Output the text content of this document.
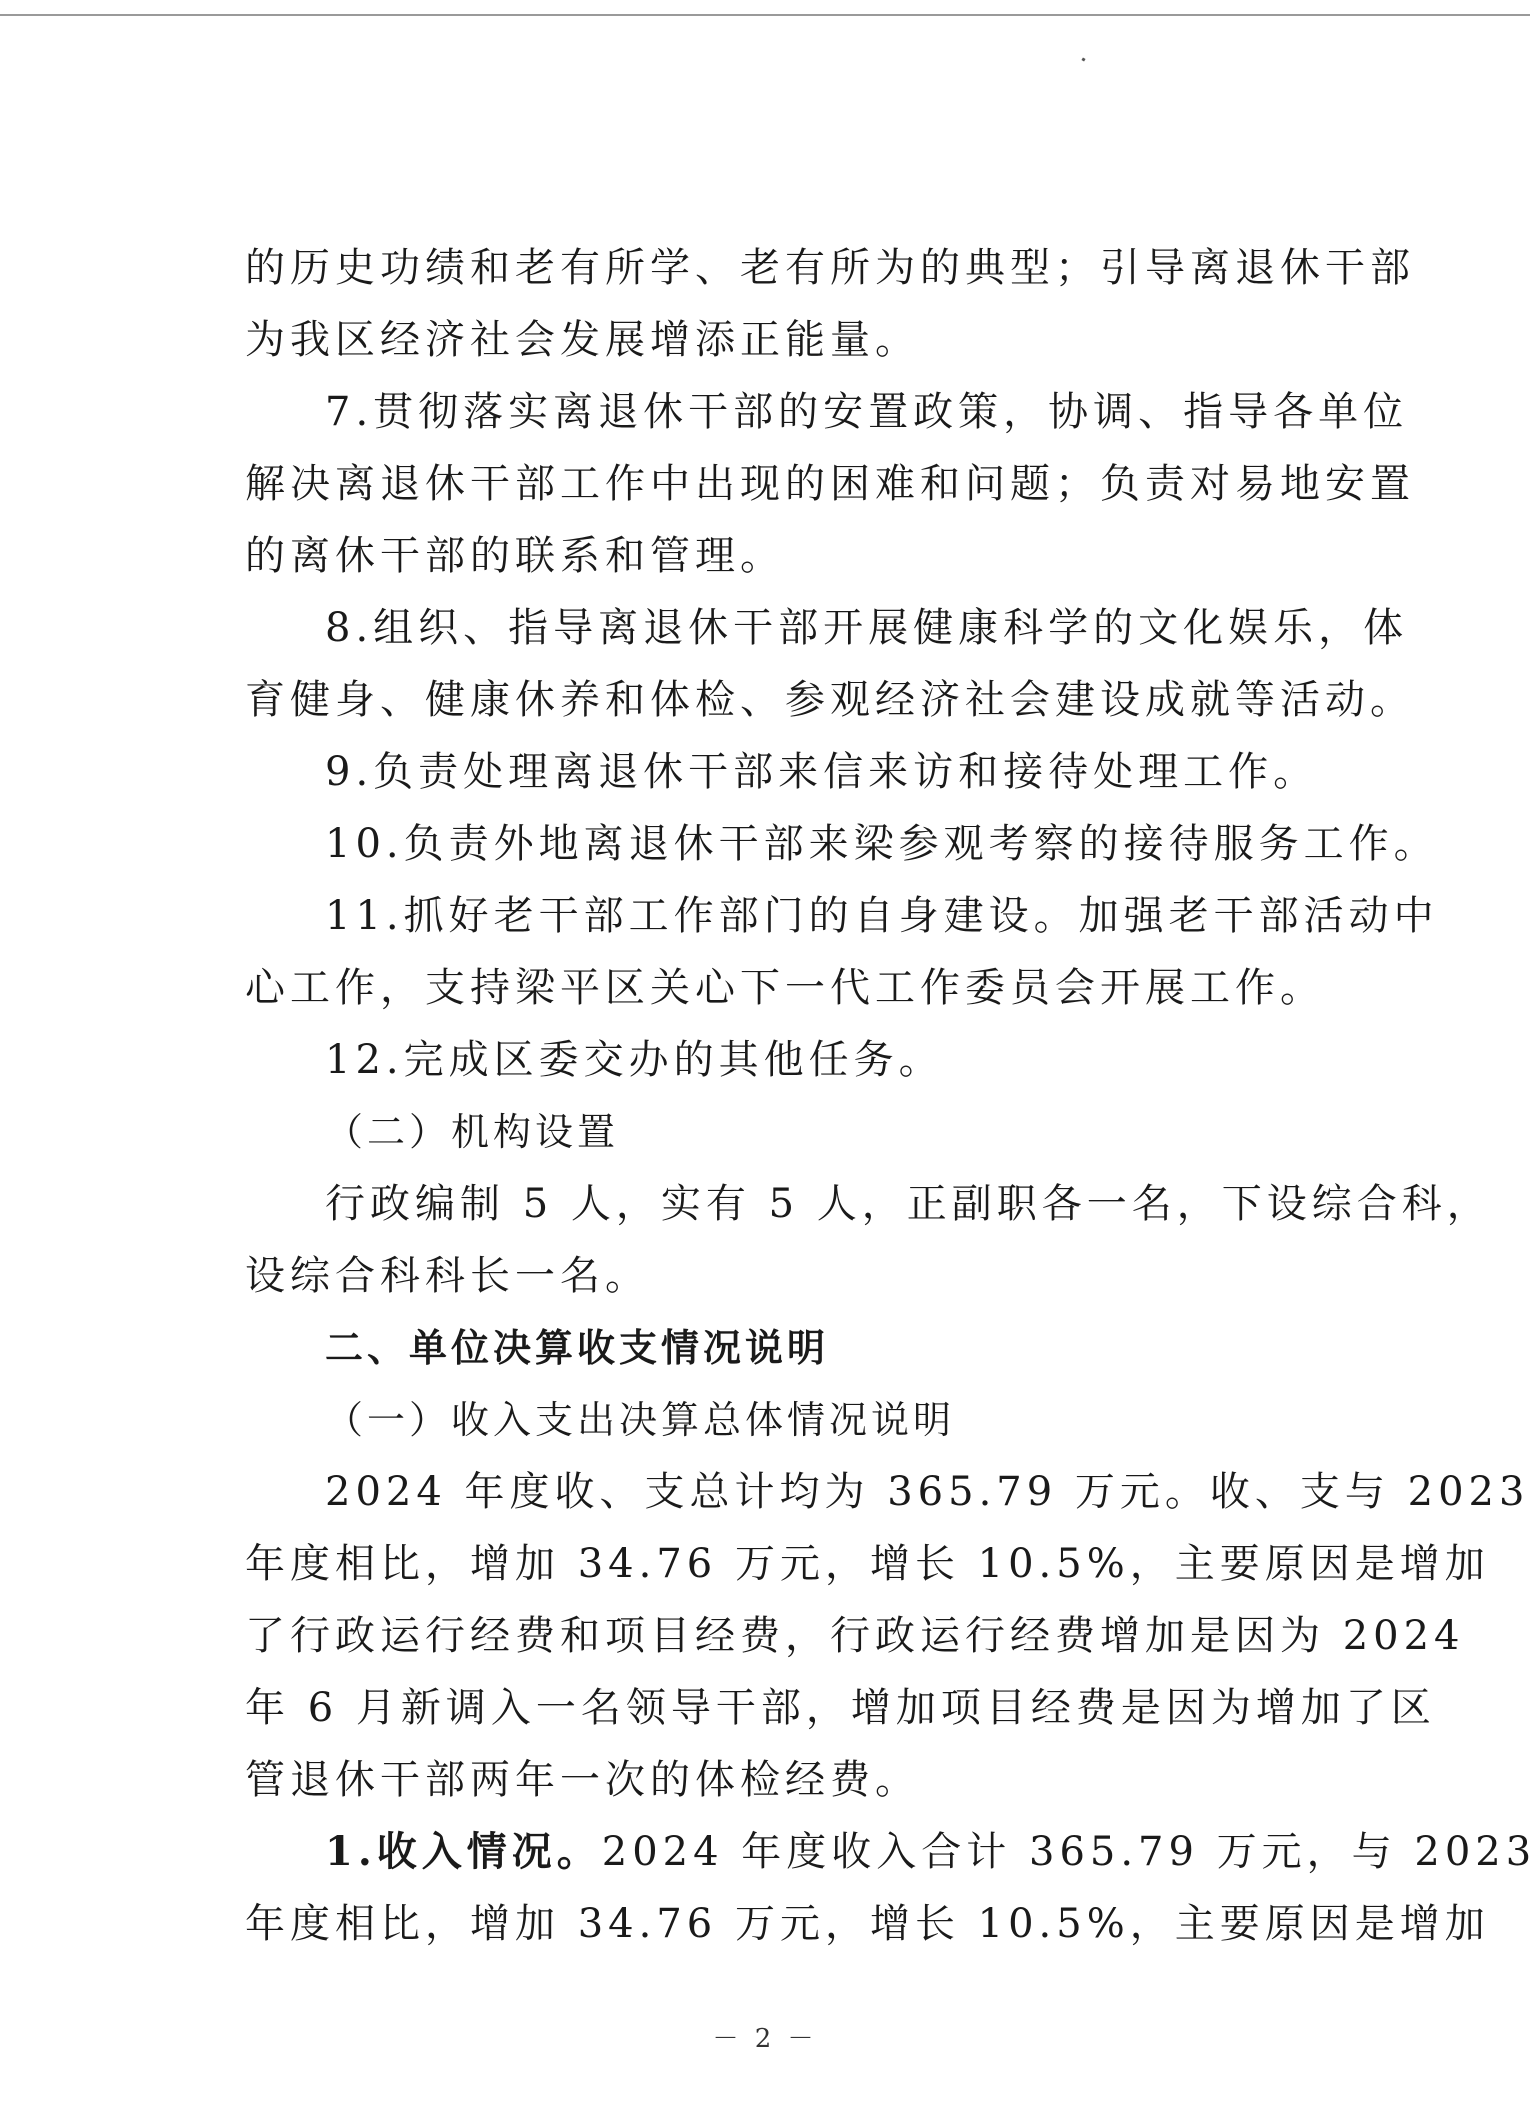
的历史功绩和老有所学、老有所为的典型；引导离退休干部
为我区经济社会发展增添正能量。
7.贯彻落实离退休干部的安置政策，协调、指导各单位
解决离退休干部工作中出现的困难和问题；负责对易地安置
的离休干部的联系和管理。
8.组织、指导离退休干部开展健康科学的文化娱乐，体
育健身、健康休养和体检、参观经济社会建设成就等活动。
9.负责处理离退休干部来信来访和接待处理工作。
10.负责外地离退休干部来梁参观考察的接待服务工作。
11.抓好老干部工作部门的自身建设。加强老干部活动中
心工作，支持梁平区关心下一代工作委员会开展工作。
12.完成区委交办的其他任务。
（二）机构设置
行政编制 5 人，实有 5 人，正副职各一名，下设综合科，
设综合科科长一名。
二、单位决算收支情况说明
（一）收入支出决算总体情况说明
2024 年度收、支总计均为 365.79 万元。收、支与 2023
年度相比，增加 34.76 万元，增长 10.5%，主要原因是增加
了行政运行经费和项目经费，行政运行经费增加是因为 2024
年 6 月新调入一名领导干部，增加项目经费是因为增加了区
管退休干部两年一次的体检经费。
1.收入情况。2024 年度收入合计 365.79 万元，与 2023
年度相比，增加 34.76 万元，增长 10.5%，主要原因是增加
－ 2 －
